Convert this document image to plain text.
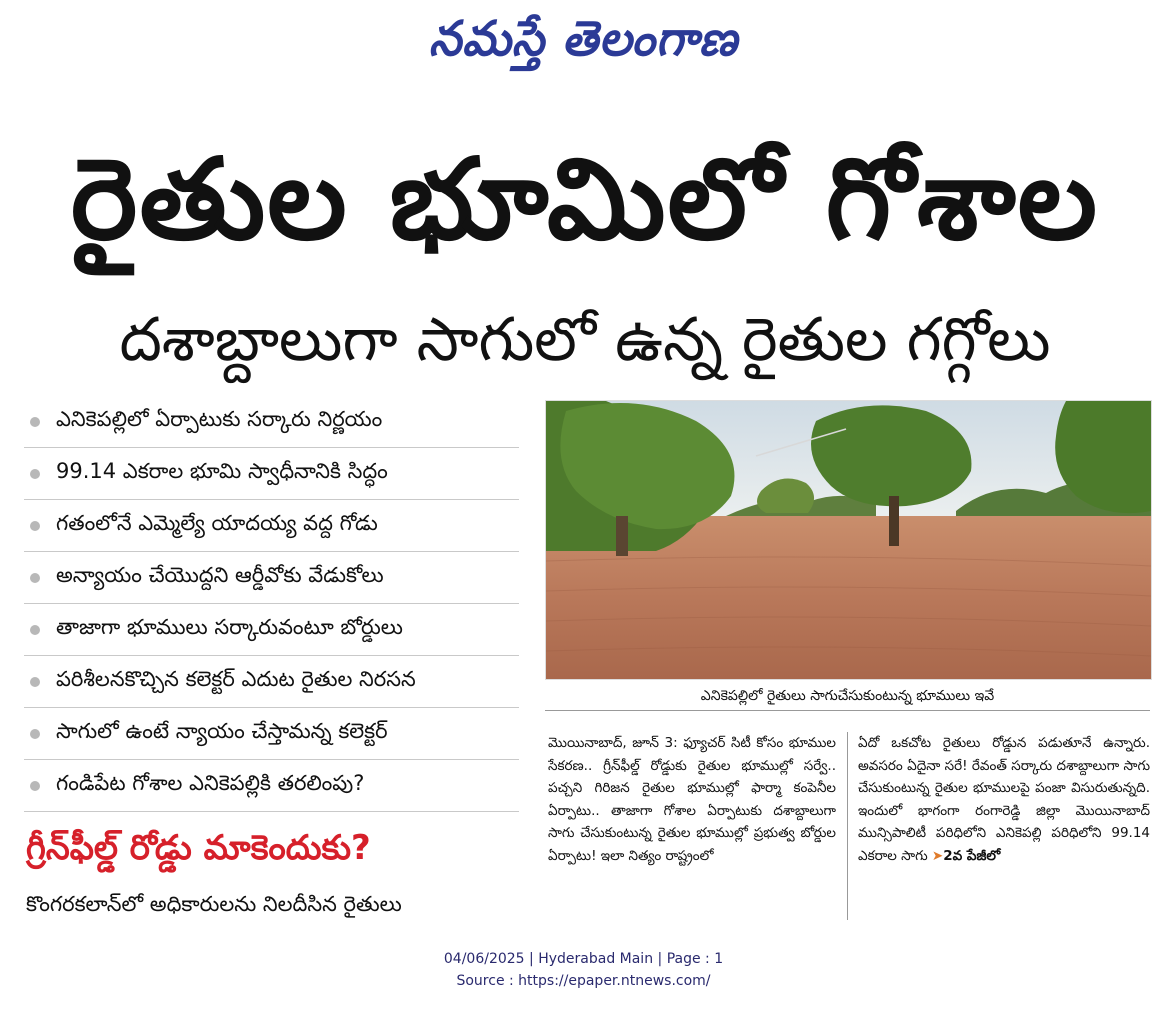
నమస్తే తెలంగాణ
రైతుల భూమిలో గోశాల
దశాబ్దాలుగా సాగులో ఉన్న రైతుల గగ్గోలు
ఎనికెపల్లిలో ఏర్పాటుకు సర్కారు నిర్ణయం
99.14 ఎకరాల భూమి స్వాధీనానికి సిద్ధం
గతంలోనే ఎమ్మెల్యే యాదయ్య వద్ద గోడు
అన్యాయం చేయొద్దని ఆర్డీవోకు వేడుకోలు
తాజాగా భూములు సర్కారువంటూ బోర్డులు
పరిశీలనకొచ్చిన కలెక్టర్ ఎదుట రైతుల నిరసన
సాగులో ఉంటే న్యాయం చేస్తామన్న కలెక్టర్
గండిపేట గోశాల ఎనికెపల్లికి తరలింపు?
గ్రీన్‌ఫీల్డ్ రోడ్డు మాకెందుకు?
కొంగరకలాన్‌లో అధికారులను నిలదీసిన రైతులు
ఎనికెపల్లిలో రైతులు సాగుచేసుకుంటున్న భూములు ఇవే
మొయినాబాద్, జూన్ 3: ఫ్యూచర్ సిటీ కోసం భూముల సేకరణ.. గ్రీన్‌ఫీల్డ్ రోడ్డుకు రైతుల భూముల్లో సర్వే.. పచ్చని గిరిజన రైతుల భూముల్లో ఫార్మా కంపెనీల ఏర్పాటు.. తాజాగా గోశాల ఏర్పాటుకు దశాబ్దాలుగా సాగు చేసుకుంటున్న రైతుల భూముల్లో ప్రభుత్వ బోర్డుల ఏర్పాటు! ఇలా నిత్యం రాష్ట్రంలో
ఏదో ఒకచోట రైతులు రోడ్డున పడుతూనే ఉన్నారు. అవసరం ఏదైనా సరే! రేవంత్ సర్కారు దశాబ్దాలుగా సాగు చేసుకుంటున్న రైతుల భూములపై పంజా విసురుతున్నది. ఇందులో భాగంగా రంగారెడ్డి జిల్లా మొయినాబాద్ మున్సిపాలిటీ పరిధిలోని ఎనికెపల్లి పరిధిలోని 99.14 ఎకరాల సాగు ➤2వ పేజీలో
04/06/2025 | Hyderabad Main | Page : 1
Source : https://epaper.ntnews.com/
